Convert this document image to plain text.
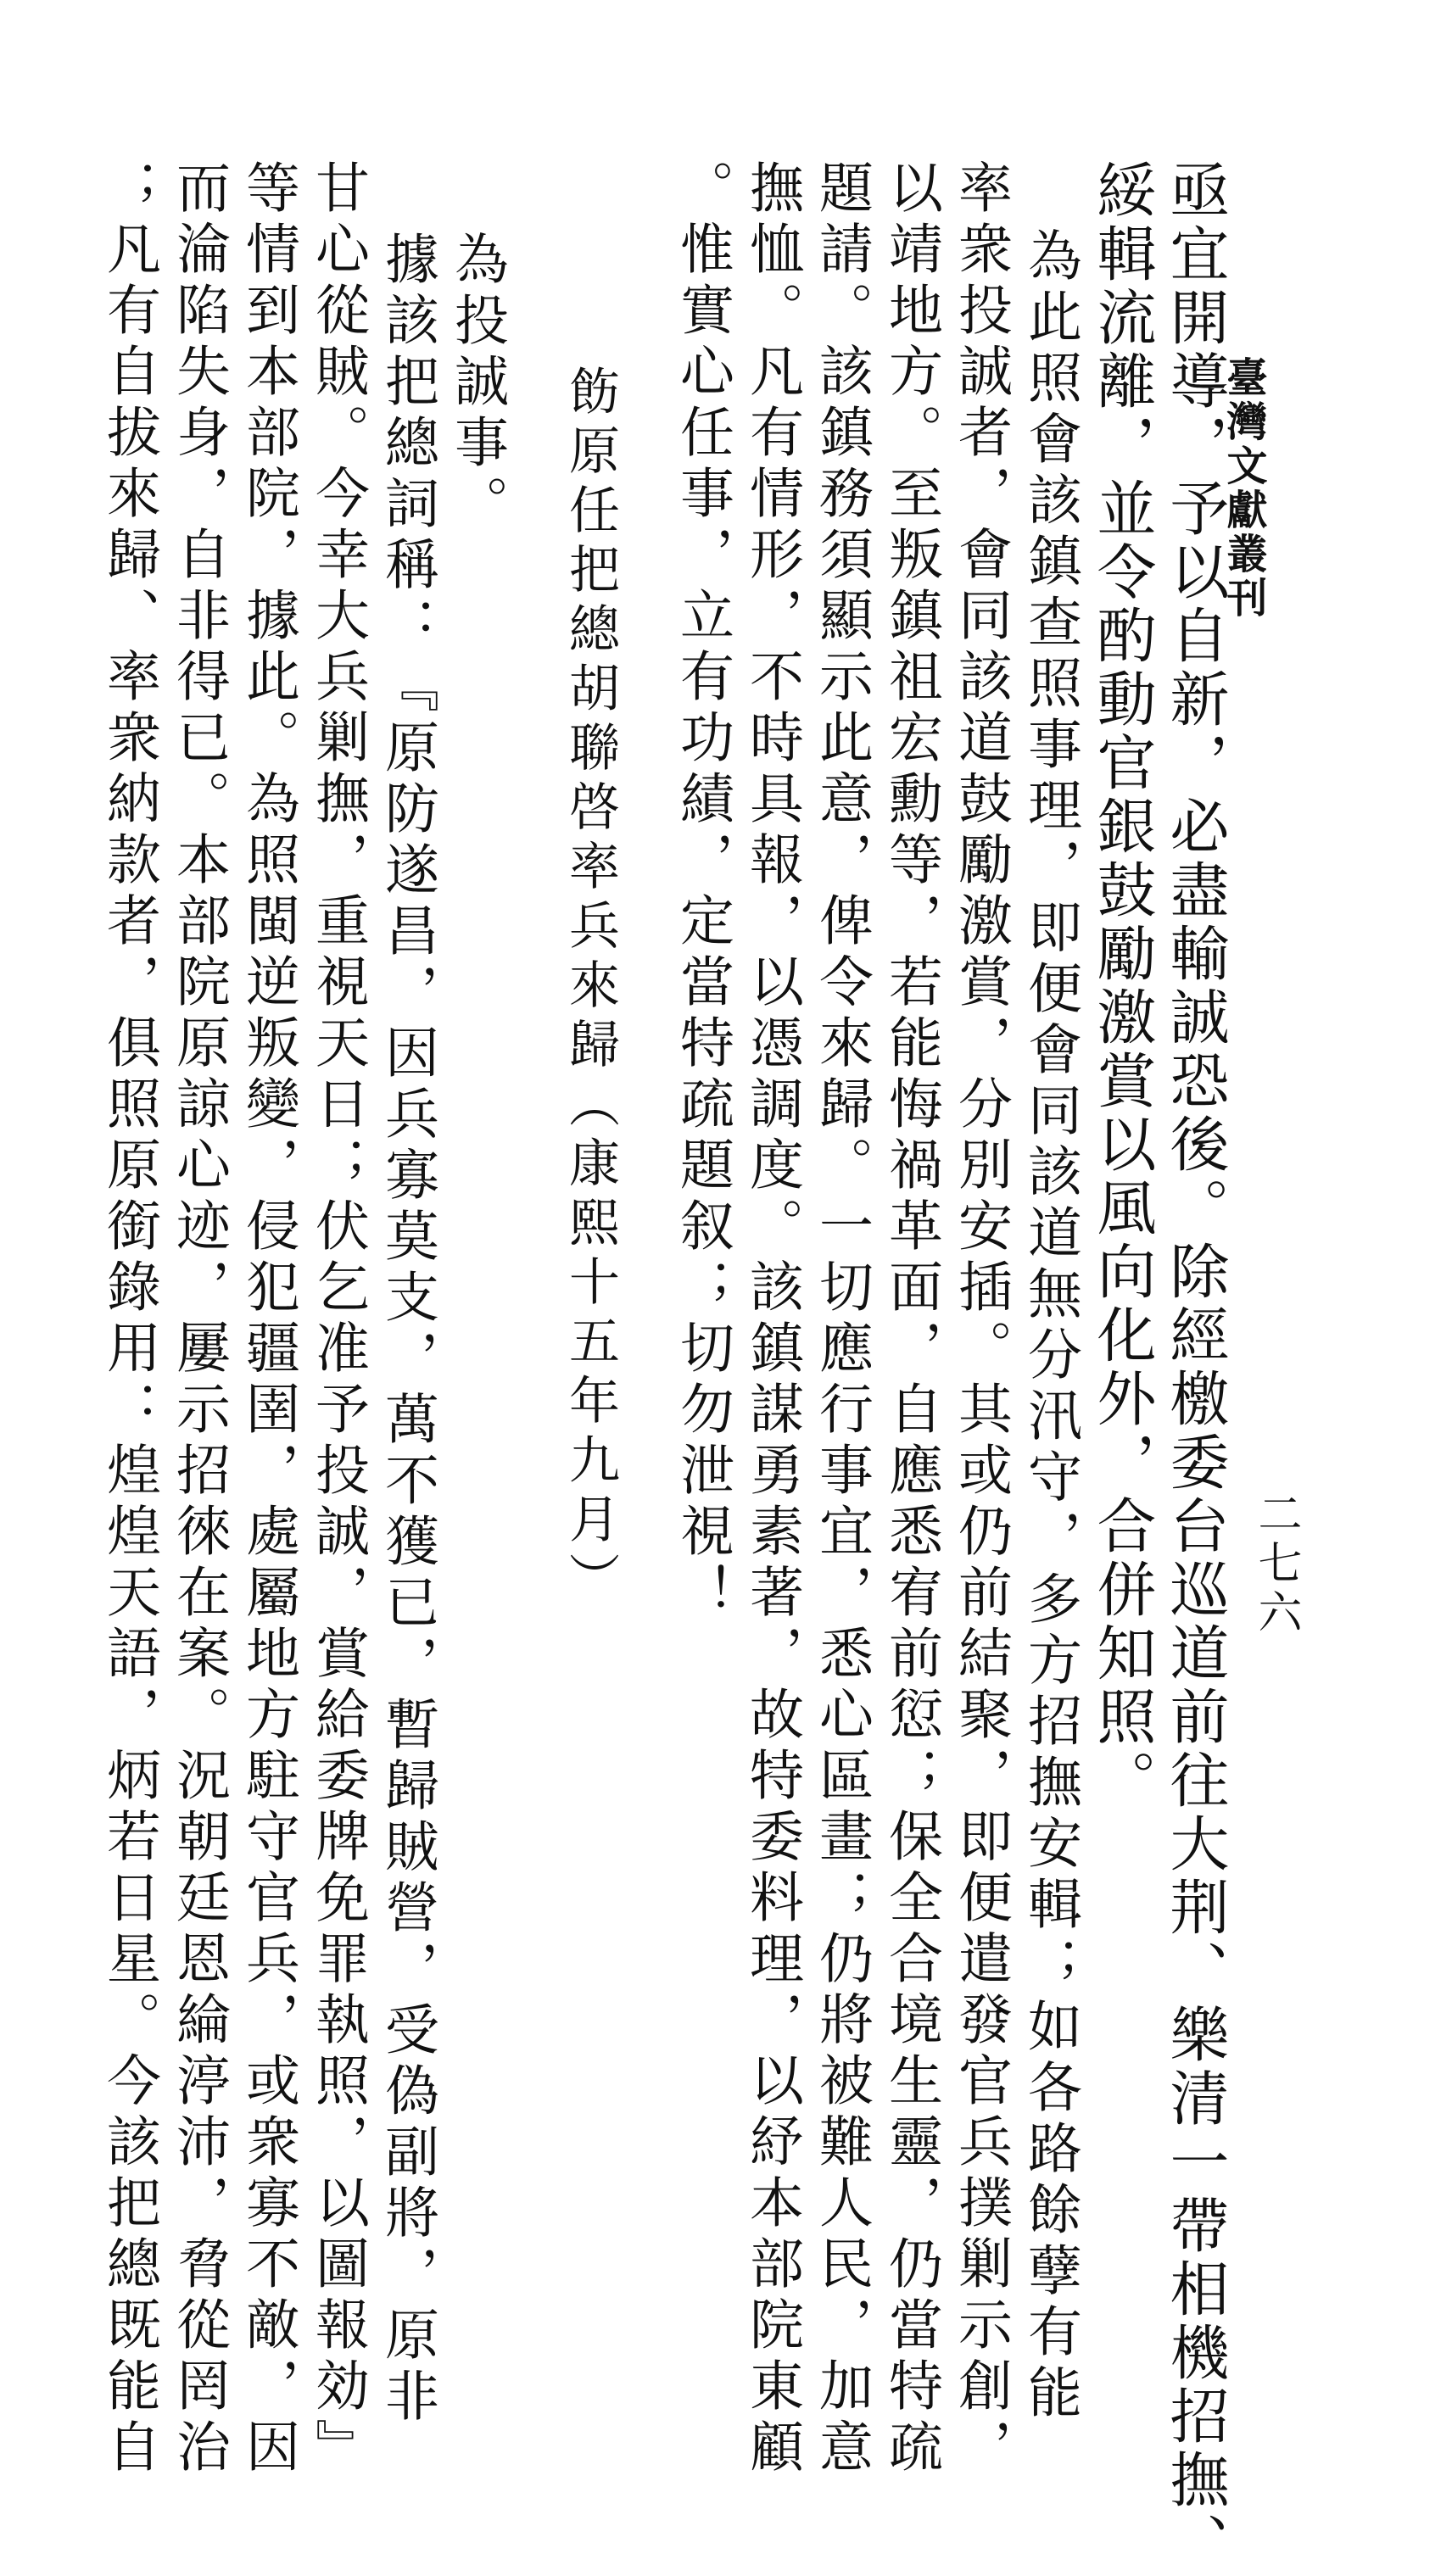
臺灣文獻叢刊
二七六
亟宜開導，予以自新，必盡輸誠恐後。除經檄委台巡道前往大荆、樂清一帶相機招撫、
綏輯流離，並令酌動官銀鼓勵激賞以風向化外，合併知照。
為此照會該鎮查照事理，即便會同該道無分汛守，多方招撫安輯；如各路餘孽有能
率衆投誠者，會同該道鼓勵激賞，分別安插。其或仍前結聚，即便遣發官兵撲剿示創，
以靖地方。至叛鎮祖宏勳等，若能悔禍革面，自應悉宥前愆；保全合境生靈，仍當特疏
題請。該鎮務須顯示此意，俾令來歸。一切應行事宜，悉心區畫；仍將被難人民，加意
撫恤。凡有情形，不時具報，以憑調度。該鎮謀勇素著，故特委料理，以紓本部院東顧
。惟實心任事，立有功績，定當特疏題叙；切勿泄視！
飭原任把總胡聯啓率兵來歸（康熙十五年九月）
為投誠事。
據該把總詞稱：『原防遂昌，因兵寡莫支，萬不獲已，暫歸賊營，受偽副將，原非
甘心從賊。今幸大兵剿撫，重視天日；伏乞准予投誠，賞給委牌免罪執照，以圖報効』
等情到本部院，據此。為照閩逆叛變，侵犯疆圉，處屬地方駐守官兵，或衆寡不敵，因
而淪陷失身，自非得已。本部院原諒心迹，屢示招徠在案。況朝廷恩綸渟沛，脅從罔治
；凡有自拔來歸、率衆納款者，俱照原銜錄用：煌煌天語，炳若日星。今該把總既能自
